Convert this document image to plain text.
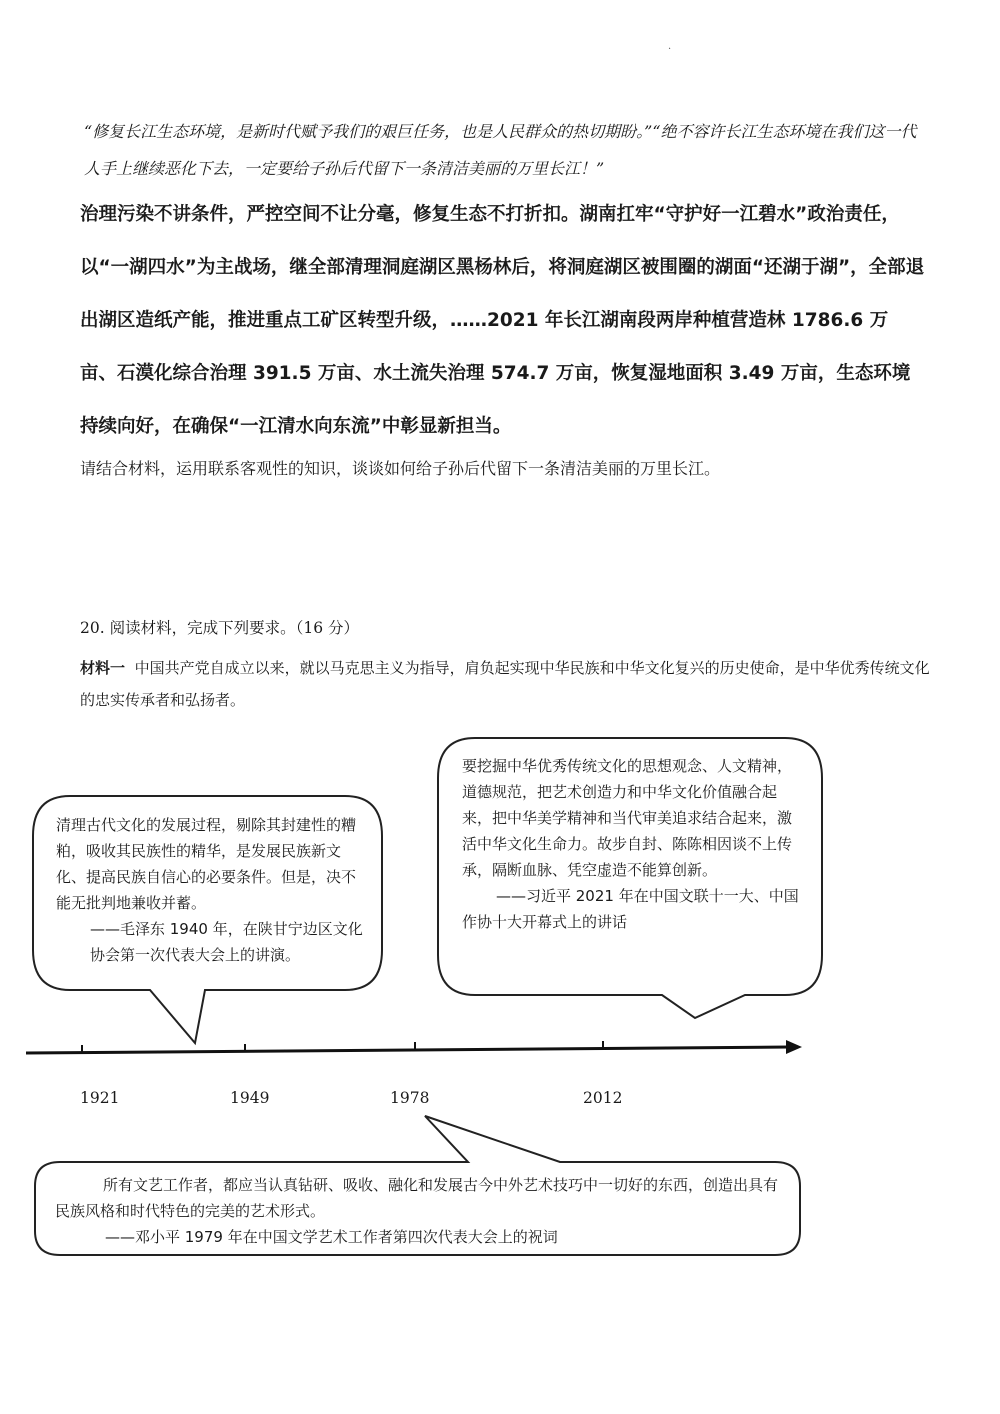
·
“修复长江生态环境，是新时代赋予我们的艰巨任务，也是人民群众的热切期盼。”“绝不容许长江生态环境在我们这一代人手上继续恶化下去，一定要给子孙后代留下一条清洁美丽的万里长江！”
治理污染不讲条件，严控空间不让分毫，修复生态不打折扣。湖南扛牢“守护好一江碧水”政治责任，以“一湖四水”为主战场，继全部清理洞庭湖区黑杨林后，将洞庭湖区被围圈的湖面“还湖于湖”，全部退出湖区造纸产能，推进重点工矿区转型升级，……2021 年长江湖南段两岸种植营造林 1786.6 万亩、石漠化综合治理 391.5 万亩、水土流失治理 574.7 万亩，恢复湿地面积 3.49 万亩，生态环境持续向好，在确保“一江清水向东流”中彰显新担当。
请结合材料，运用联系客观性的知识，谈谈如何给子孙后代留下一条清洁美丽的万里长江。
20. 阅读材料，完成下列要求。（16 分）
材料一 中国共产党自成立以来，就以马克思主义为指导，肩负起实现中华民族和中华文化复兴的历史使命，是中华优秀传统文化的忠实传承者和弘扬者。
清理古代文化的发展过程，剔除其封建性的糟粕，吸收其民族性的精华，是发展民族新文化、提高民族自信心的必要条件。但是，决不能无批判地兼收并蓄。
——毛泽东 1940 年，在陕甘宁边区文化协会第一次代表大会上的讲演。
要挖掘中华优秀传统文化的思想观念、人文精神，道德规范，把艺术创造力和中华文化价值融合起来，把中华美学精神和当代审美追求结合起来，激活中华文化生命力。故步自封、陈陈相因谈不上传承，隔断血脉、凭空虚造不能算创新。
——习近平 2021 年在中国文联十一大、中国作协十大开幕式上的讲话
所有文艺工作者，都应当认真钻研、吸收、融化和发展古今中外艺术技巧中一切好的东西，创造出具有民族风格和时代特色的完美的艺术形式。
——邓小平 1979 年在中国文学艺术工作者第四次代表大会上的祝词
1921	1949	1978	2012
